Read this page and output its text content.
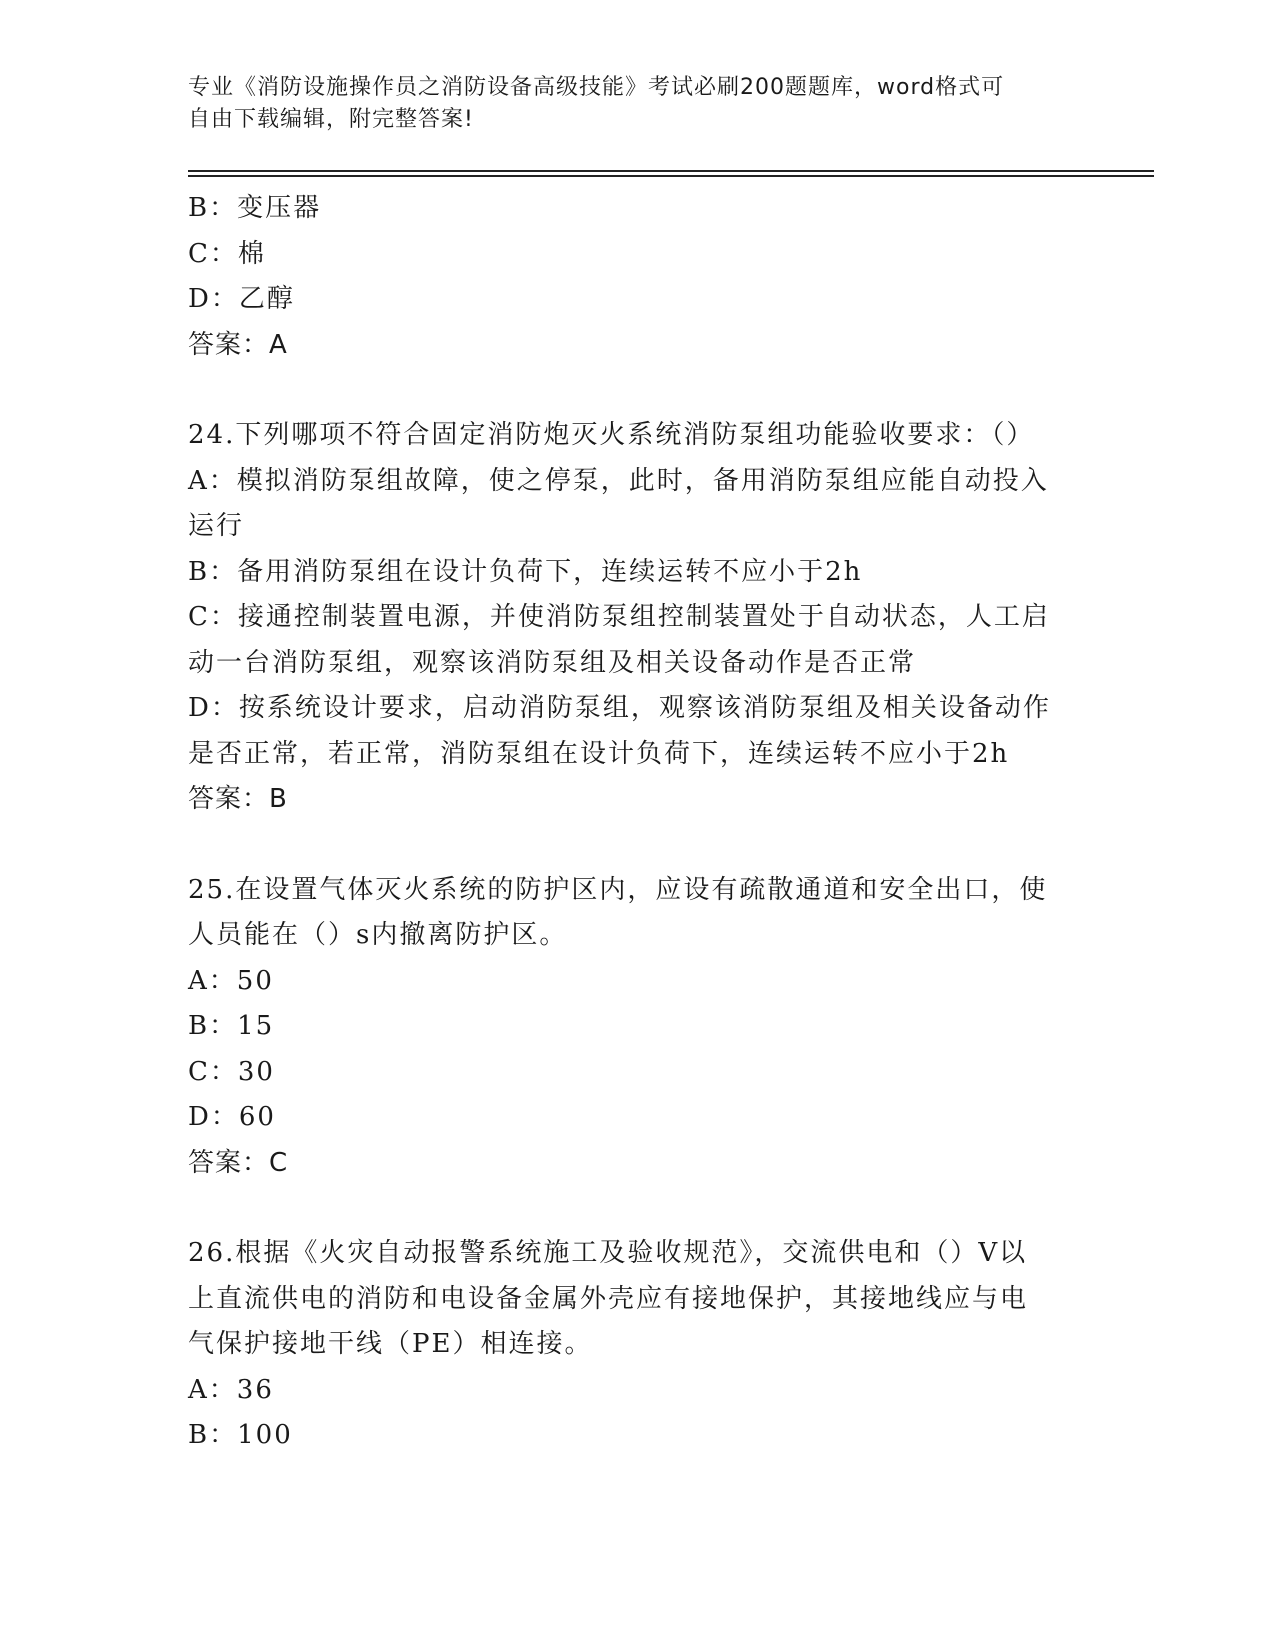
专业《消防设施操作员之消防设备高级技能》考试必刷200题题库，word格式可
自由下载编辑，附完整答案!
B：变压器
C：棉
D：乙醇
答案：A
24.下列哪项不符合固定消防炮灭火系统消防泵组功能验收要求：（）
A：模拟消防泵组故障，使之停泵，此时，备用消防泵组应能自动投入
运行
B：备用消防泵组在设计负荷下，连续运转不应小于2h
C：接通控制装置电源，并使消防泵组控制装置处于自动状态，人工启
动一台消防泵组，观察该消防泵组及相关设备动作是否正常
D：按系统设计要求，启动消防泵组，观察该消防泵组及相关设备动作
是否正常，若正常，消防泵组在设计负荷下，连续运转不应小于2h
答案：B
25.在设置气体灭火系统的防护区内，应设有疏散通道和安全出口，使
人员能在（）s内撤离防护区。
A：50
B：15
C：30
D：60
答案：C
26.根据《火灾自动报警系统施工及验收规范》，交流供电和（）V以
上直流供电的消防和电设备金属外壳应有接地保护，其接地线应与电
气保护接地干线（PE）相连接。
A：36
B：100
